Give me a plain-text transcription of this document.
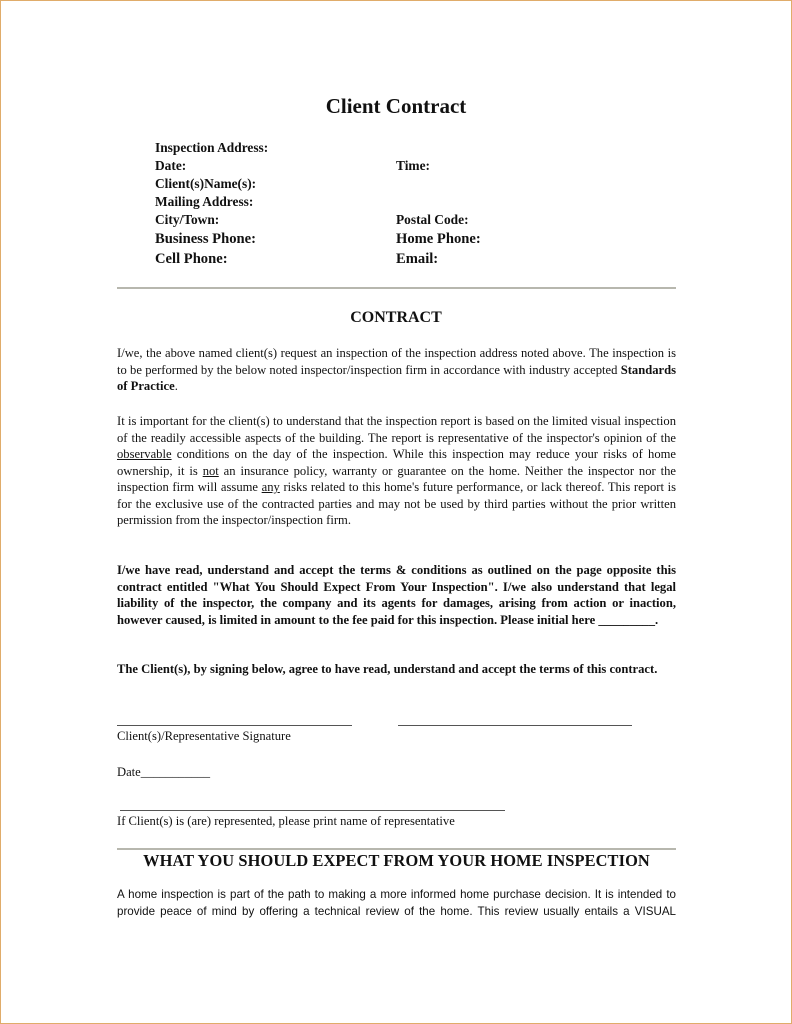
Client Contract
Inspection Address:
Date:	Time:
Client(s)Name(s):
Mailing Address:
City/Town:	Postal Code:
Business Phone:	Home Phone:
Cell Phone:	Email:
CONTRACT
I/we, the above named client(s) request an inspection of the inspection address noted above. The inspection is to be performed by the below noted inspector/inspection firm in accordance with industry accepted Standards of Practice.
It is important for the client(s) to understand that the inspection report is based on the limited visual inspection of the readily accessible aspects of the building. The report is representative of the inspector's opinion of the observable conditions on the day of the inspection. While this inspection may reduce your risks of home ownership, it is not an insurance policy, warranty or guarantee on the home. Neither the inspector nor the inspection firm will assume any risks related to this home's future performance, or lack thereof. This report is for the exclusive use of the contracted parties and may not be used by third parties without the prior written permission from the inspector/inspection firm.
I/we have read, understand and accept the terms & conditions as outlined on the page opposite this contract entitled "What You Should Expect From Your Inspection". I/we also understand that legal liability of the inspector, the company and its agents for damages, arising from action or inaction, however caused, is limited in amount to the fee paid for this inspection. Please initial here _________.
The Client(s), by signing below, agree to have read, understand and accept the terms of this contract.
Client(s)/Representative Signature
Date___________
If Client(s) is (are) represented, please print name of representative
WHAT YOU SHOULD EXPECT FROM YOUR HOME INSPECTION
A home inspection is part of the path to making a more informed home purchase decision. It is intended to provide peace of mind by offering a technical review of the home. This review usually entails a VISUAL
